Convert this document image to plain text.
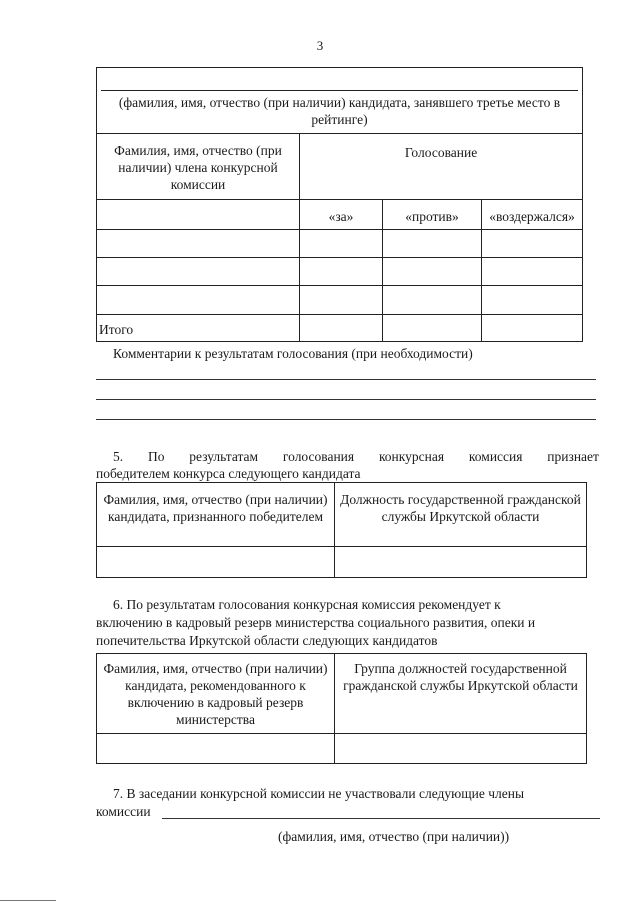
3
(фамилия, имя, отчество (при наличии) кандидата, занявшего третье место в рейтинге)			

Фамилия, имя, отчество (при наличии) члена конкурсной комиссии	Голосование		
	«за»	«против»	«воздержался»

Итого			
Комментарии к результатам голосования (при необходимости)
5. По результатам голосования конкурсная комиссия признает
победителем конкурса следующего кандидата
Фамилия, имя, отчество (при наличии) кандидата, признанного победителем	Должность государственной гражданской службы Иркутской области

6. По результатам голосования конкурсная комиссия рекомендует к
включению в кадровый резерв министерства социального развития, опеки и
попечительства Иркутской области следующих кандидатов
Фамилия, имя, отчество (при наличии) кандидата, рекомендованного к включению в кадровый резерв министерства	Группа должностей государственной гражданской службы Иркутской области

7. В заседании конкурсной комиссии не участвовали следующие члены
комиссии
(фамилия, имя, отчество (при наличии))
